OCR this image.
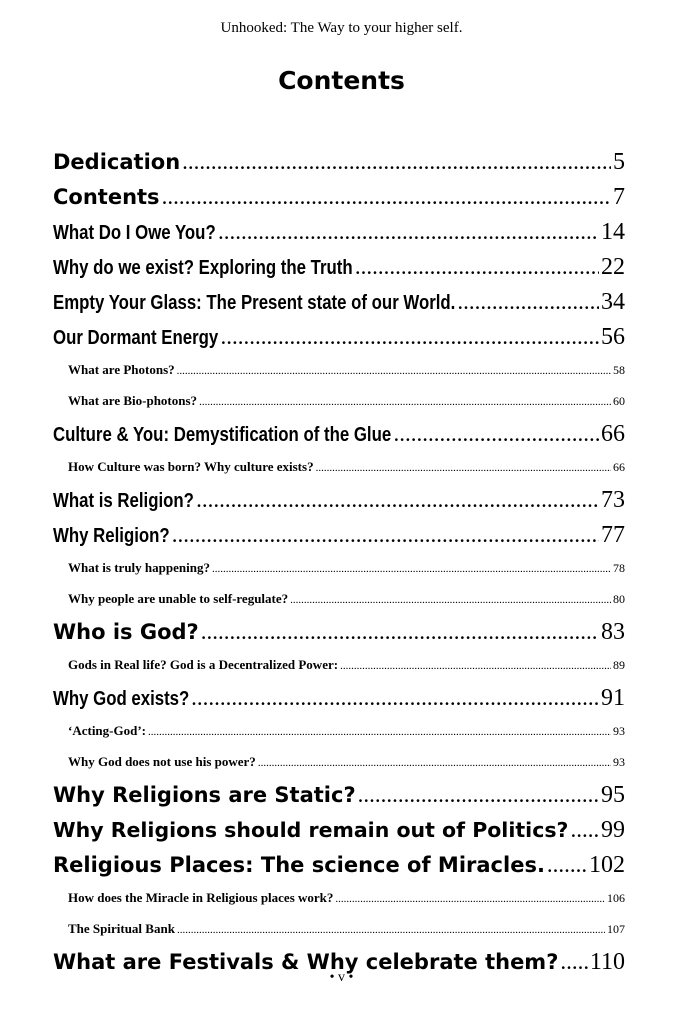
Unhooked: The Way to your higher self.
Contents
Dedication .....	5
Contents .....	7
What Do I Owe You? .....	14
Why do we exist? Exploring the Truth .....	22
Empty Your Glass: The Present state of our World. .....	34
Our Dormant Energy .....	56
What are Photons? .....	58
What are Bio-photons? .....	60
Culture & You: Demystification of the Glue .....	66
How Culture was born? Why culture exists? .....	66
What is Religion? .....	73
Why Religion? .....	77
What is truly happening? .....	78
Why people are unable to self-regulate? .....	80
Who is God? .....	83
Gods in Real life? God is a Decentralized Power: .....	89
Why God exists? .....	91
‘Acting-God’: .....	93
Why God does not use his power? .....	93
Why Religions are Static? .....	95
Why Religions should remain out of Politics? ..... 99
Religious Places: The science of Miracles. ..... 102
How does the Miracle in Religious places work? .....	106
The Spiritual Bank .....	107
What are Festivals & Why celebrate them? ..... 110
• v •
